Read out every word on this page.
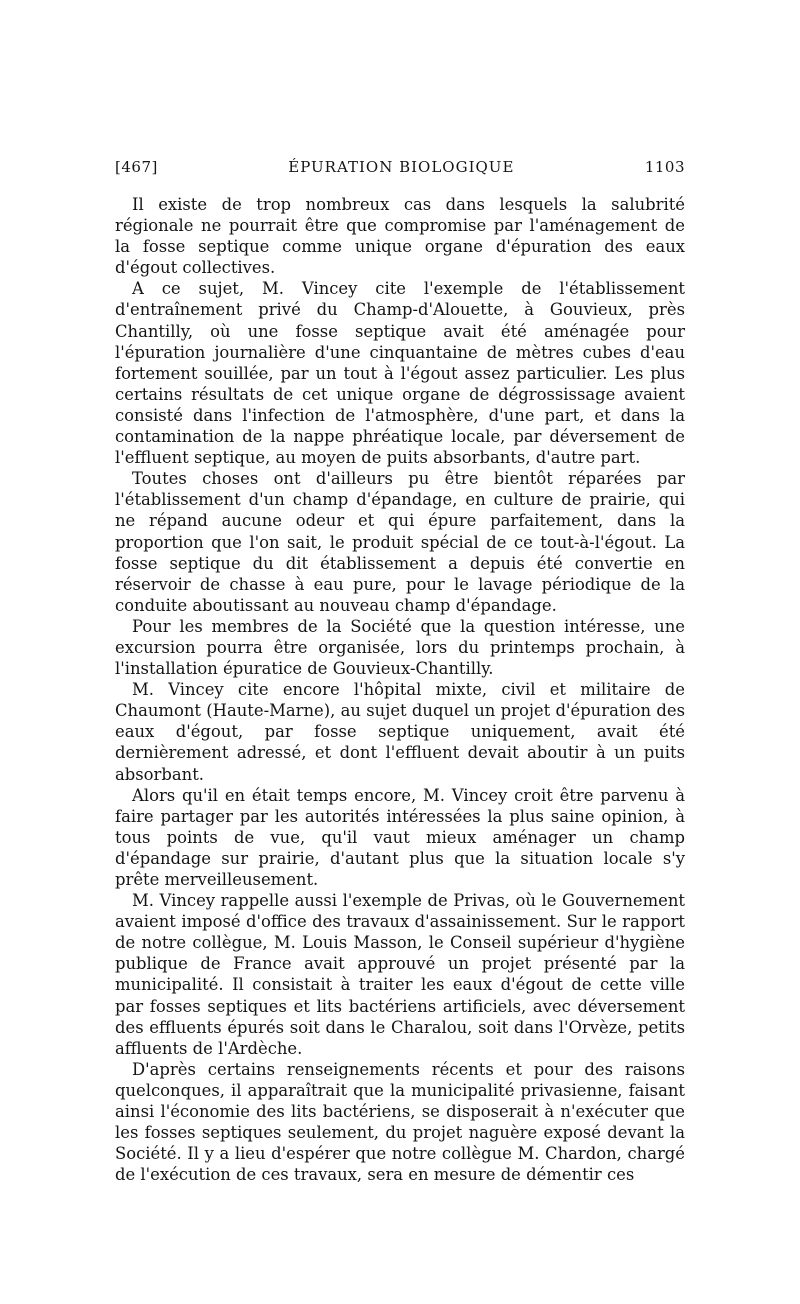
[467]	ÉPURATION BIOLOGIQUE	1103

Il existe de trop nombreux cas dans lesquels la salubrité régionale ne pourrait être que compromise par l'aménagement de la fosse septique comme unique organe d'épuration des eaux d'égout collectives.

A ce sujet, M. Vincey cite l'exemple de l'établissement d'entraînement privé du Champ-d'Alouette, à Gouvieux, près Chantilly, où une fosse septique avait été aménagée pour l'épuration journalière d'une cinquantaine de mètres cubes d'eau fortement souillée, par un tout à l'égout assez particulier. Les plus certains résultats de cet unique organe de dégrossissage avaient consisté dans l'infection de l'atmosphère, d'une part, et dans la contamination de la nappe phréatique locale, par déversement de l'effluent septique, au moyen de puits absorbants, d'autre part.

Toutes choses ont d'ailleurs pu être bientôt réparées par l'établissement d'un champ d'épandage, en culture de prairie, qui ne répand aucune odeur et qui épure parfaitement, dans la proportion que l'on sait, le produit spécial de ce tout-à-l'égout. La fosse septique du dit établissement a depuis été convertie en réservoir de chasse à eau pure, pour le lavage périodique de la conduite aboutissant au nouveau champ d'épandage.

Pour les membres de la Société que la question intéresse, une excursion pourra être organisée, lors du printemps prochain, à l'installation épuratice de Gouvieux-Chantilly.

M. Vincey cite encore l'hôpital mixte, civil et militaire de Chaumont (Haute-Marne), au sujet duquel un projet d'épuration des eaux d'égout, par fosse septique uniquement, avait été dernièrement adressé, et dont l'effluent devait aboutir à un puits absorbant.

Alors qu'il en était temps encore, M. Vincey croit être parvenu à faire partager par les autorités intéressées la plus saine opinion, à tous points de vue, qu'il vaut mieux aménager un champ d'épandage sur prairie, d'autant plus que la situation locale s'y prête merveilleusement.

M. Vincey rappelle aussi l'exemple de Privas, où le Gouvernement avaient imposé d'office des travaux d'assainissement. Sur le rapport de notre collègue, M. Louis Masson, le Conseil supérieur d'hygiène publique de France avait approuvé un projet présenté par la municipalité. Il consistait à traiter les eaux d'égout de cette ville par fosses septiques et lits bactériens artificiels, avec déversement des effluents épurés soit dans le Charalou, soit dans l'Orvèze, petits affluents de l'Ardèche.

D'après certains renseignements récents et pour des raisons quelconques, il apparaîtrait que la municipalité privasienne, faisant ainsi l'économie des lits bactériens, se disposerait à n'exécuter que les fosses septiques seulement, du projet naguère exposé devant la Société. Il y a lieu d'espérer que notre collègue M. Chardon, chargé de l'exécution de ces travaux, sera en mesure de démentir ces
